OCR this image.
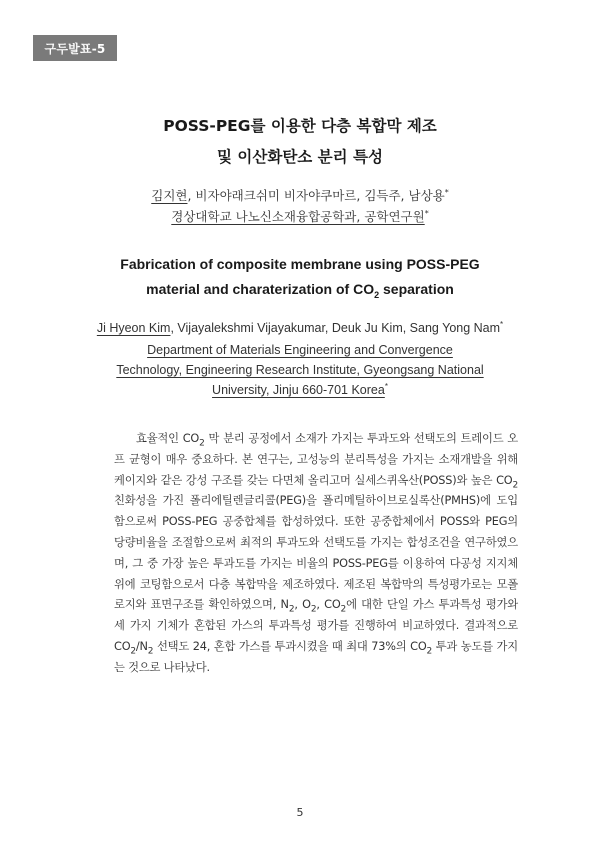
구두발표-5
POSS-PEG를 이용한 다층 복합막 제조
및 이산화탄소 분리 특성
김지현, 비자야래크쉬미 비자야쿠마르, 김득주, 남상용*
경상대학교 나노신소재융합공학과, 공학연구원*
Fabrication of composite membrane using POSS-PEG
material and charaterization of $CO_2$ separation
Ji Hyeon Kim, Vijayalekshmi Vijayakumar, Deuk Ju Kim, Sang Yong Nam*
Department of Materials Engineering and Convergence
Technology, Engineering Research Institute, Gyeongsang National
University, Jinju 660-701 Korea*
효율적인 $CO_2$ 막 분리 공정에서 소재가 가지는 투과도와 선택도의 트레이드 오프 균형이 매우 중요하다. 본 연구는, 고성능의 분리특성을 가지는 소재개발을 위해 케이지와 같은 강성 구조를 갖는 다면체 올리고머 실세스퀴옥산(POSS)와 높은 $CO_2$ 친화성을 가진 폴리에틸렌글리콜(PEG)을 폴리메틸하이브로실록산(PMHS)에 도입함으로써 POSS-PEG 공중합체를 합성하였다. 또한 공중합체에서 POSS와 PEG의 당량비율을 조절함으로써 최적의 투과도와 선택도를 가지는 합성조건을 연구하였으며, 그 중 가장 높은 투과도를 가지는 비율의 POSS-PEG를 이용하여 다공성 지지체 위에 코팅함으로서 다층 복합막을 제조하였다. 제조된 복합막의 특성평가로는 모폴로지와 표면구조를 확인하였으며, $N_2$, $O_2$, $CO_2$에 대한 단일 가스 투과특성 평가와 세 가지 기체가 혼합된 가스의 투과특성 평가를 진행하여 비교하였다. 결과적으로 $CO_2/N_2$ 선택도 24, 혼합 가스를 투과시켰을 때 최대 73%의 $CO_2$ 투과 농도를 가지는 것으로 나타났다.
5
